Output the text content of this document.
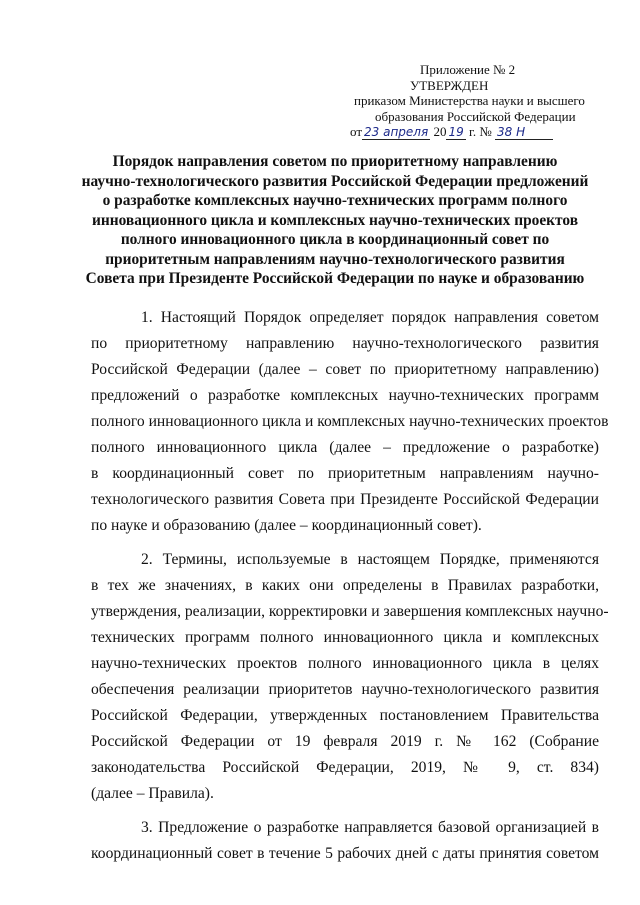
Приложение № 2
УТВЕРЖДЕН
приказом Министерства науки и высшего
образования Российской Федерации
от 23 апреля 20 19 г. № 38 Н
Порядок направления советом по приоритетному направлению
научно-технологического развития Российской Федерации предложений
о разработке комплексных научно-технических программ полного
инновационного цикла и комплексных научно-технических проектов
полного инновационного цикла в координационный совет по
приоритетным направлениям научно-технологического развития
Совета при Президенте Российской Федерации по науке и образованию
1. Настоящий Порядок определяет порядок направления советом
по приоритетному направлению научно-технологического развития
Российской Федерации (далее – совет по приоритетному направлению)
предложений о разработке комплексных научно-технических программ
полного инновационного цикла и комплексных научно-технических проектов
полного инновационного цикла (далее – предложение о разработке)
в координационный совет по приоритетным направлениям научно-
технологического развития Совета при Президенте Российской Федерации
по науке и образованию (далее – координационный совет).
2. Термины, используемые в настоящем Порядке, применяются
в тех же значениях, в каких они определены в Правилах разработки,
утверждения, реализации, корректировки и завершения комплексных научно-
технических программ полного инновационного цикла и комплексных
научно-технических проектов полного инновационного цикла в целях
обеспечения реализации приоритетов научно-технологического развития
Российской Федерации, утвержденных постановлением Правительства
Российской Федерации от 19 февраля 2019 г. № 162 (Собрание
законодательства Российской Федерации, 2019, № 9, ст. 834)
(далее – Правила).
3. Предложение о разработке направляется базовой организацией в
координационный совет в течение 5 рабочих дней с даты принятия советом
